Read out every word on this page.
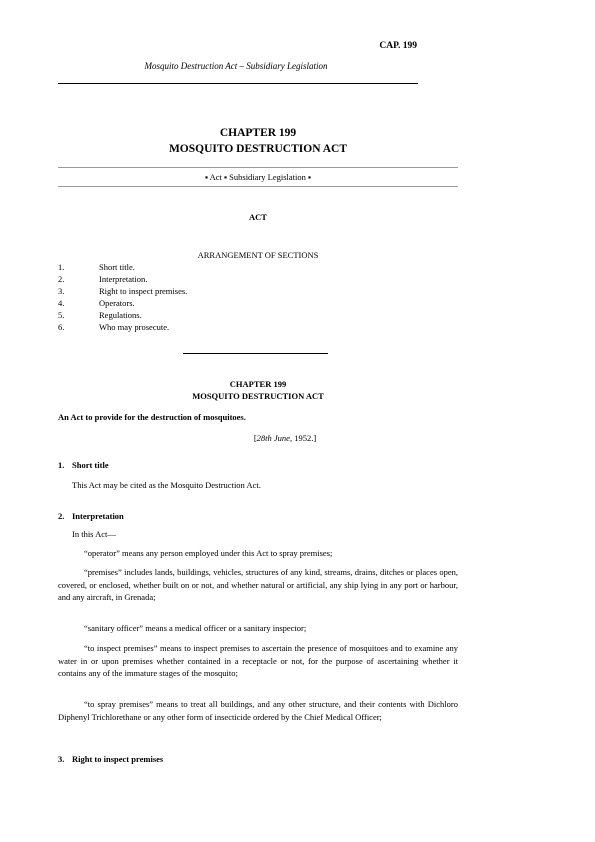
CAP. 199
Mosquito Destruction Act – Subsidiary Legislation
CHAPTER 199
MOSQUITO DESTRUCTION ACT
▪ Act ▪ Subsidiary Legislation ▪
ACT
ARRANGEMENT OF SECTIONS
1.	Short title.
2.	Interpretation.
3.	Right to inspect premises.
4.	Operators.
5.	Regulations.
6.	Who may prosecute.
CHAPTER 199
MOSQUITO DESTRUCTION ACT
An Act to provide for the destruction of mosquitoes.
[28th June, 1952.]
1. Short title
This Act may be cited as the Mosquito Destruction Act.
2. Interpretation
In this Act—
“operator” means any person employed under this Act to spray premises;
“premises” includes lands, buildings, vehicles, structures of any kind, streams, drains, ditches or places open, covered, or enclosed, whether built on or not, and whether natural or artificial, any ship lying in any port or harbour, and any aircraft, in Grenada;
“sanitary officer” means a medical officer or a sanitary inspector;
“to inspect premises” means to inspect premises to ascertain the presence of mosquitoes and to examine any water in or upon premises whether contained in a receptacle or not, for the purpose of ascertaining whether it contains any of the immature stages of the mosquito;
“to spray premises” means to treat all buildings, and any other structure, and their contents with Dichloro Diphenyl Trichlorethane or any other form of insecticide ordered by the Chief Medical Officer;
3. Right to inspect premises
